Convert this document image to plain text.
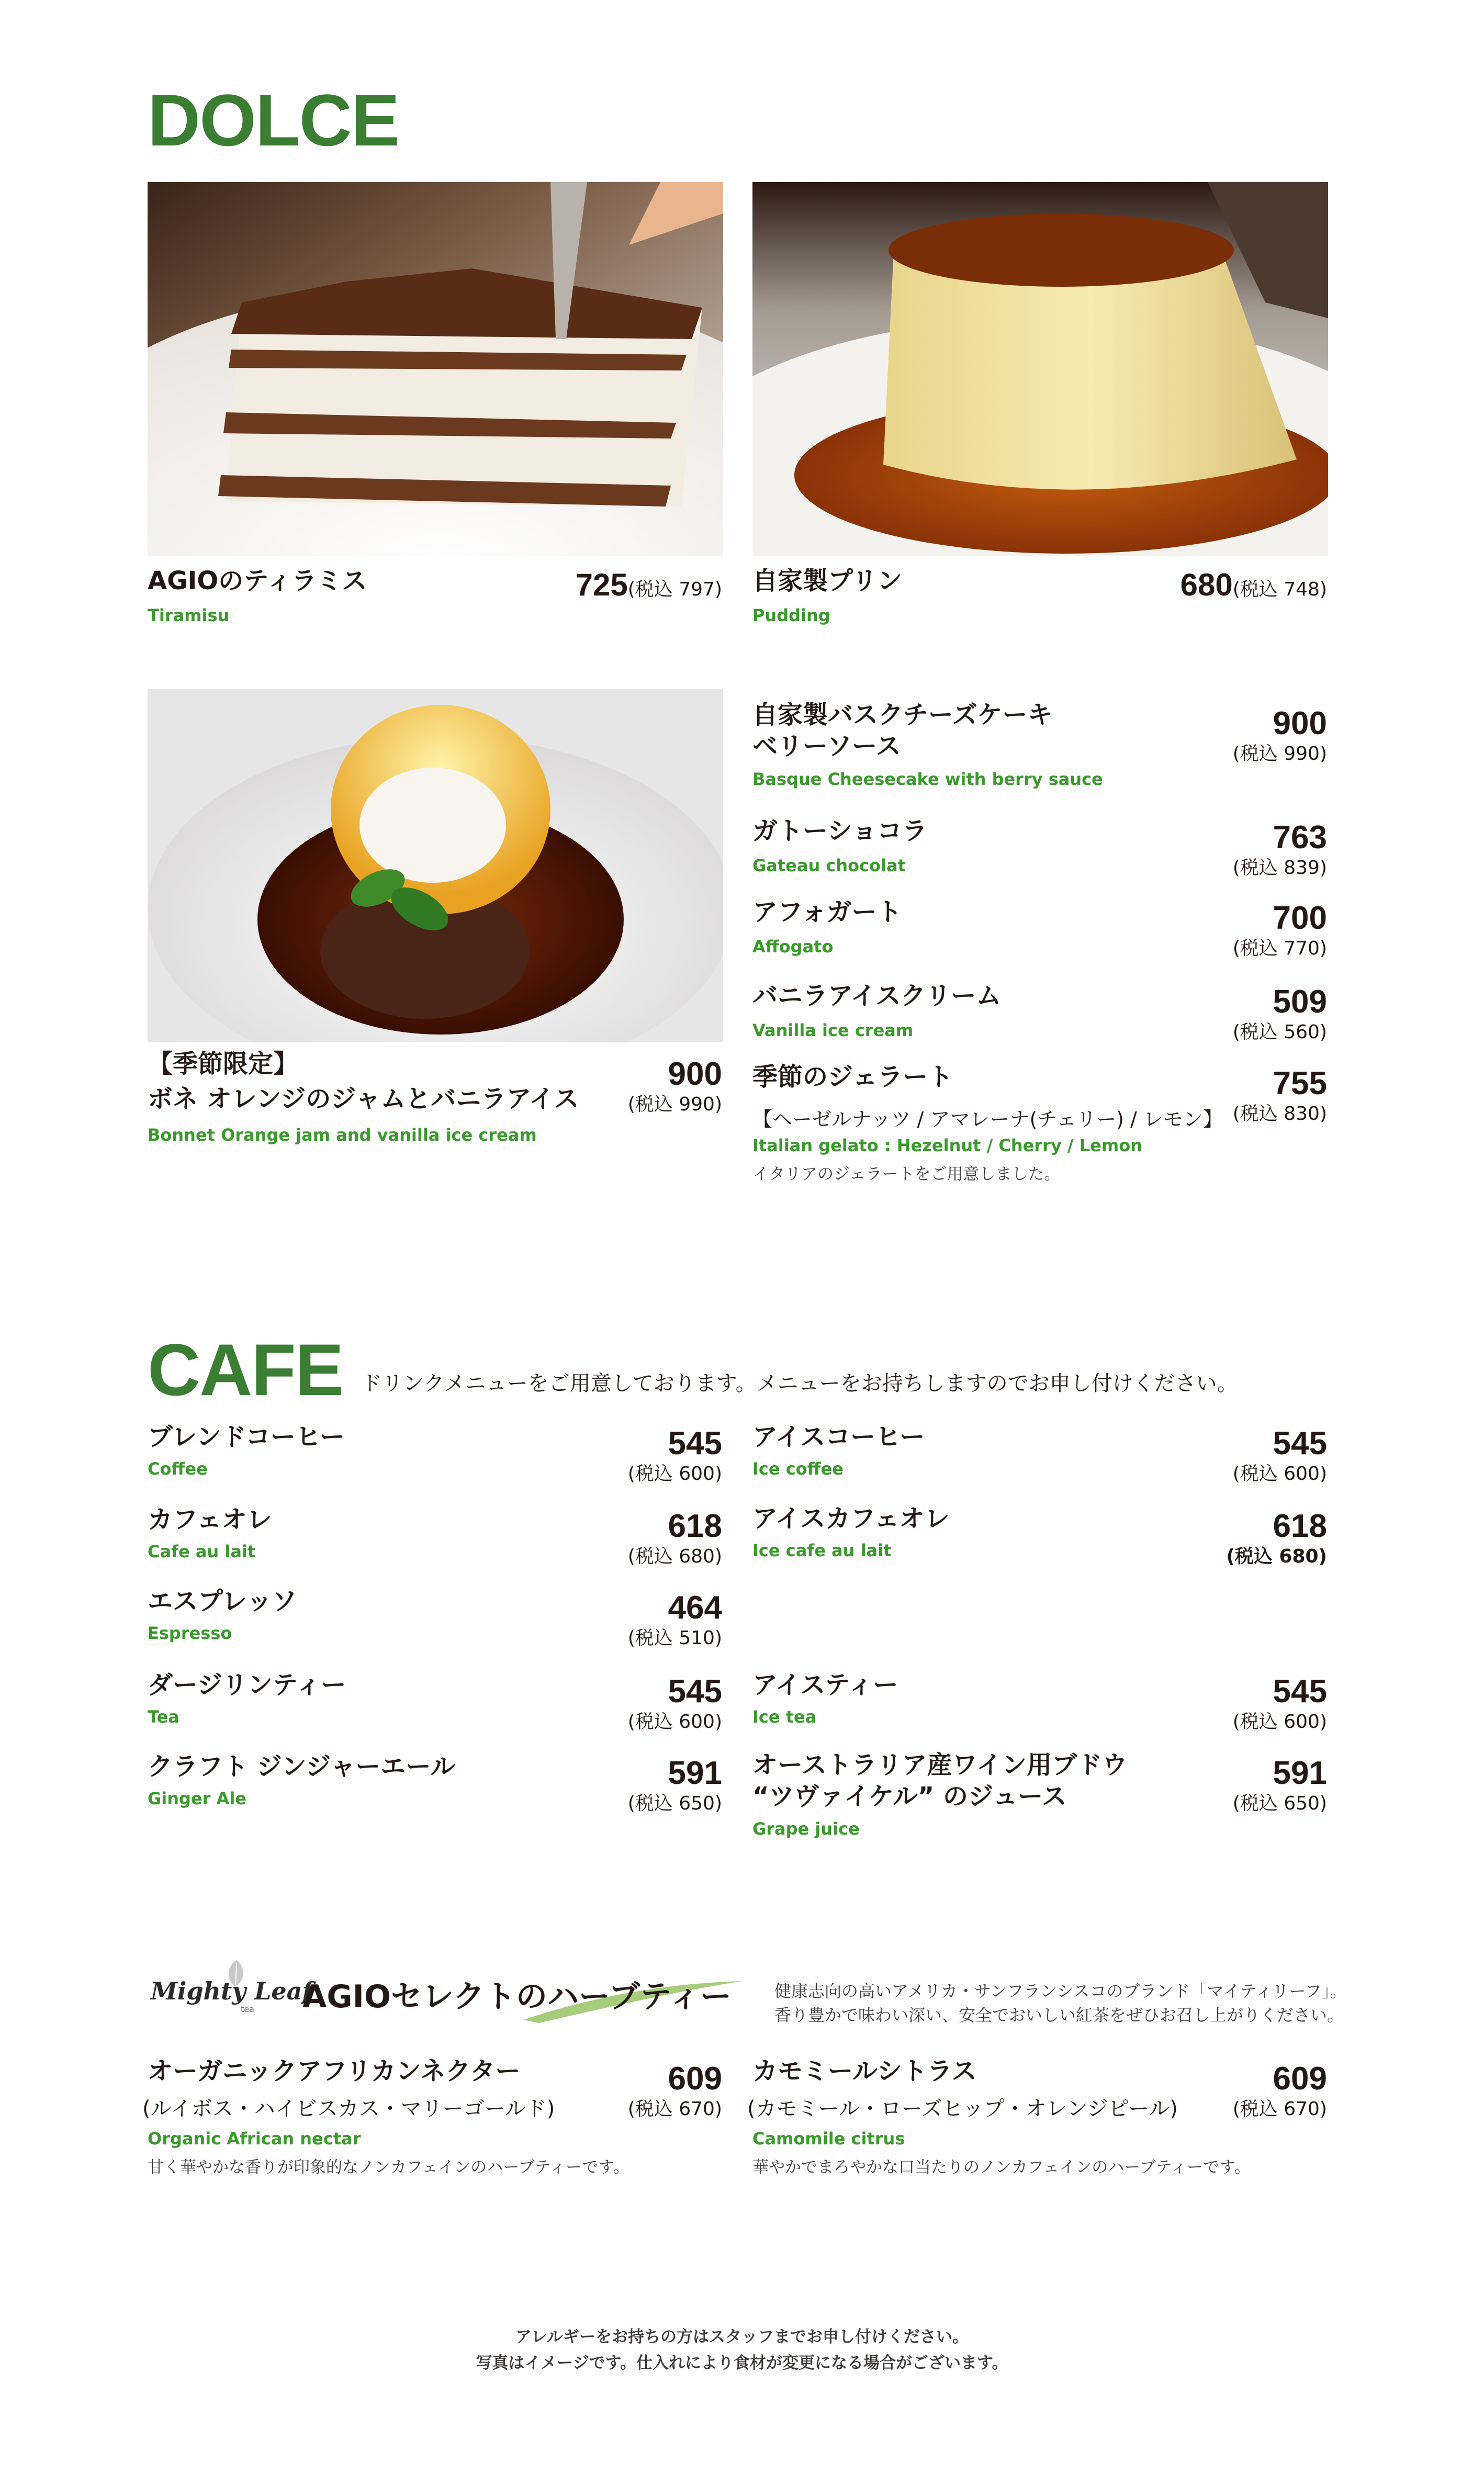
DOLCE
AGIOのティラミス
Tiramisu
725(税込 797) 自家製プリン
Pudding
680(税込 748)
【季節限定】
ボネ オレンジのジャムとバニラアイス
Bonnet Orange jam and vanilla ice cream
900
(税込 990)
自家製バスクチーズケーキ
ベリーソース
Basque Cheesecake with berry sauce
900
(税込 990)
ガトーショコラ
Gateau chocolat
763
(税込 839)
アフォガート
Affogato
700
(税込 770)
バニラアイスクリーム
Vanilla ice cream
509
(税込 560)
季節のジェラート
【ヘーゼルナッツ / アマレーナ(チェリー) / レモン】
Italian gelato : Hezelnut / Cherry / Lemon
イタリアのジェラートをご用意しました。
755
(税込 830)
CAFE ドリンクメニューをご用意しております。メニューをお持ちしますのでお申し付けください。
ブレンドコーヒー
Coffee
545
(税込 600)
カフェオレ
Cafe au lait
618
(税込 680)
エスプレッソ
Espresso
464
(税込 510)
ダージリンティー
Tea
545
(税込 600)
クラフト ジンジャーエール
Ginger Ale
591
(税込 650)
アイスコーヒー
Ice coffee
545
(税込 600)
アイスカフェオレ
Ice cafe au lait
618
(税込 680)
アイスティー
Ice tea
545
(税込 600)
オーストラリア産ワイン用ブドウ
“ツヴァイケル” のジュース
Grape juice
591
(税込 650)
Mighty Leaf
tea AGIOセレクトのハーブティー	健康志向の高いアメリカ・サンフランシスコのブランド「マイティリーフ」。
香り豊かで味わい深い、安全でおいしい紅茶をぜひお召し上がりください。
オーガニックアフリカンネクター
(ルイボス・ハイビスカス・マリーゴールド)
Organic African nectar
甘く華やかな香りが印象的なノンカフェインのハーブティーです。
609
(税込 670)
カモミールシトラス
(カモミール・ローズヒップ・オレンジピール)
Camomile citrus
華やかでまろやかな口当たりのノンカフェインのハーブティーです。
609
(税込 670)
アレルギーをお持ちの方はスタッフまでお申し付けください。
写真はイメージです。仕入れにより食材が変更になる場合がございます。
